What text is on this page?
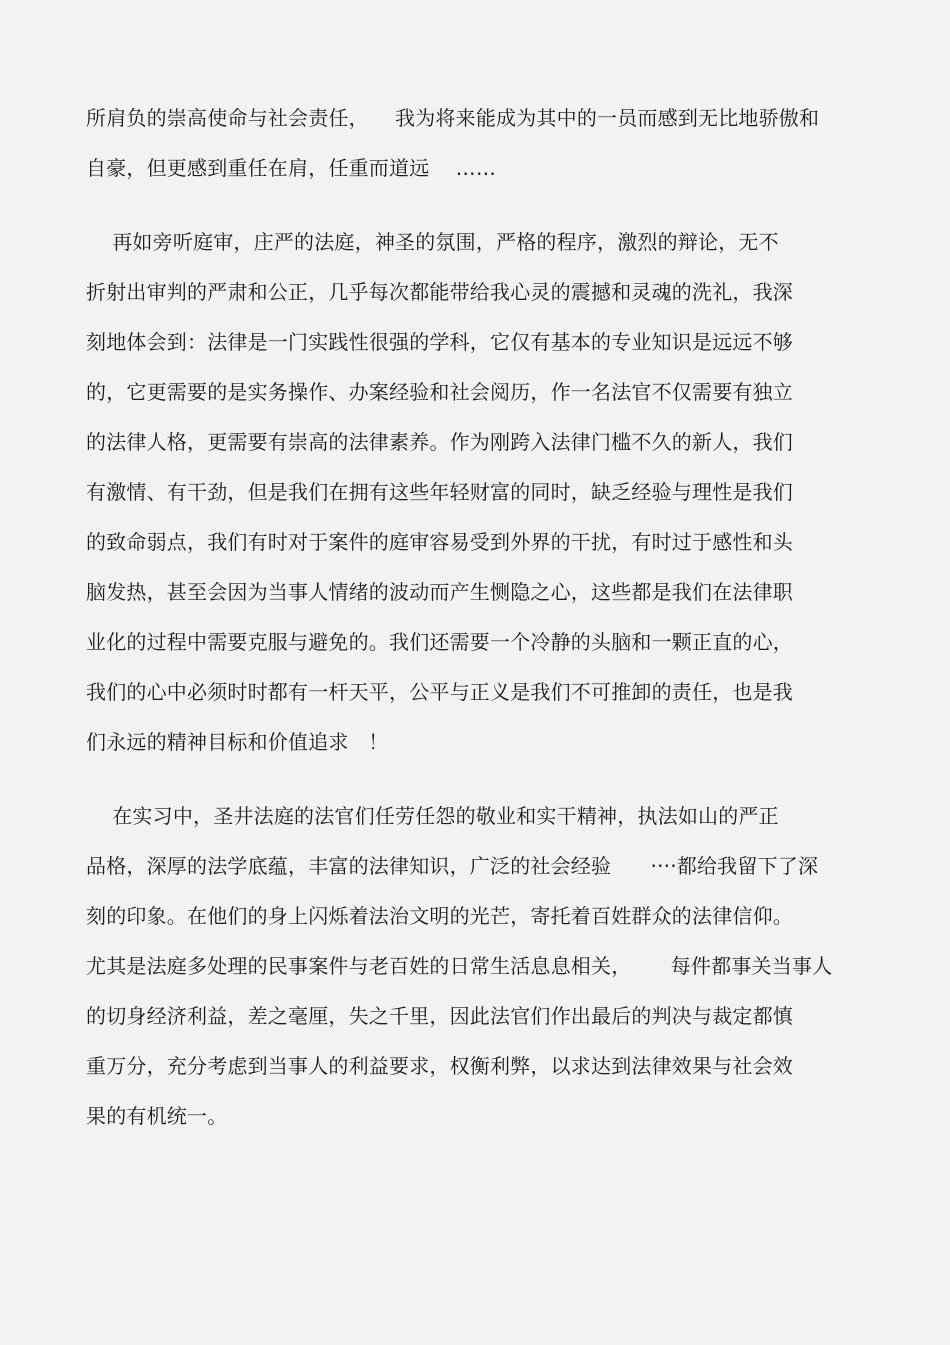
所肩负的崇高使命与社会责任，    我为将来能成为其中的一员而感到无比地骄傲和
自豪，但更感到重任在肩，任重而道远    ……
再如旁听庭审，庄严的法庭，神圣的氛围，严格的程序，激烈的辩论，无不
折射出审判的严肃和公正，几乎每次都能带给我心灵的震撼和灵魂的洗礼，我深
刻地体会到：法律是一门实践性很强的学科，它仅有基本的专业知识是远远不够
的，它更需要的是实务操作、办案经验和社会阅历，作一名法官不仅需要有独立
的法律人格，更需要有崇高的法律素养。作为刚跨入法律门槛不久的新人，我们
有激情、有干劲，但是我们在拥有这些年轻财富的同时，缺乏经验与理性是我们
的致命弱点，我们有时对于案件的庭审容易受到外界的干扰，有时过于感性和头
脑发热，甚至会因为当事人情绪的波动而产生恻隐之心，这些都是我们在法律职
业化的过程中需要克服与避免的。我们还需要一个冷静的头脑和一颗正直的心，
我们的心中必须时时都有一杆天平，公平与正义是我们不可推卸的责任，也是我
们永远的精神目标和价值追求   ！
在实习中，圣井法庭的法官们任劳任怨的敬业和实干精神，执法如山的严正
品格，深厚的法学底蕴，丰富的法律知识，广泛的社会经验      ····都给我留下了深
刻的印象。在他们的身上闪烁着法治文明的光芒，寄托着百姓群众的法律信仰。
尤其是法庭多处理的民事案件与老百姓的日常生活息息相关，      每件都事关当事人
的切身经济利益，差之毫厘，失之千里，因此法官们作出最后的判决与裁定都慎
重万分，充分考虑到当事人的利益要求，权衡利弊，以求达到法律效果与社会效
果的有机统一。
